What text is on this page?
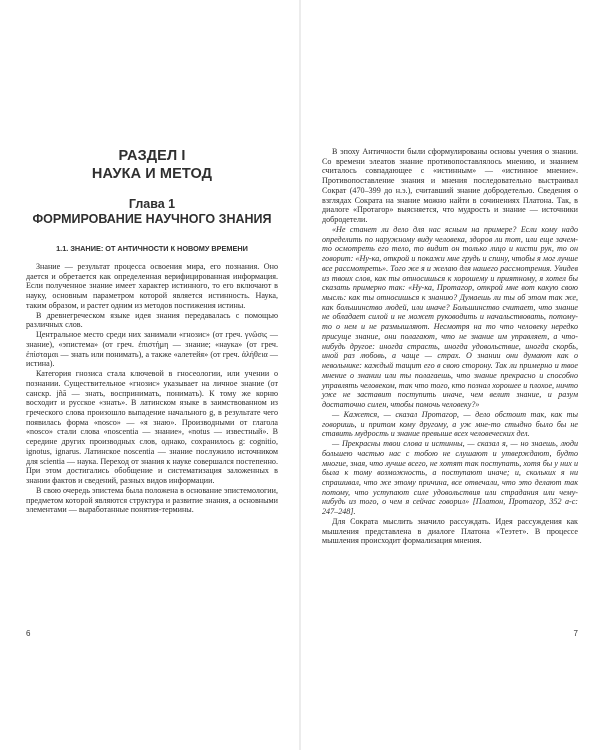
РАЗДЕЛ I
НАУКА И МЕТОД
Глава 1
ФОРМИРОВАНИЕ НАУЧНОГО ЗНАНИЯ
1.1. ЗНАНИЕ: ОТ АНТИЧНОСТИ К НОВОМУ ВРЕМЕНИ

Знание — результат процесса освоения мира, его познания. Оно дается и обретается как определенная верифицированная информация. Если полученное знание имеет характер истинного, то его включают в науку, основным параметром которой является истинность. Наука, таким образом, и растет одним из методов постижения истины.

В древнегреческом языке идея знания передавалась с помощью различных слов.

Центральное место среди них занимали «гнозис» (от греч. γνῶσις — знание), «эпистема» (от греч. ἐπιστήμη — знание; «наука» (от греч. ἐπίσταμαι — знать или понимать), а также «алетейя» (от греч. ἀλήθεια — истина).

Категория гнозиса стала ключевой в гносеологии, или учении о познании. Существительное «гнозис» указывает на личное знание (от санскр. jñā — знать, воспринимать, понимать). К тому же корню восходит и русское «знать». В латинском языке в заимствованном из греческого слова произошло выпадение начального g, в результате чего появилась форма «nosco» — «я знаю». Производными от глагола «nosco» стали слова «noscentia — знание», «notus — известный». В середине других производных слов, однако, сохранилось g: cognitio, ignotus, ignarus. Латинское noscentia — знание послужило источником для scientia — наука. Переход от знания к науке совершался постепенно. При этом достигались обобщение и систематизация заложенных в знании фактов и сведений, разных видов информации.

В свою очередь эпистема была положена в основание эпистемологии, предметом которой являются структура и развитие знания, а основными элементами — выработанные понятия-термины.

6

В эпоху Античности были сформулированы основы учения о знании. Со времени элеатов знание противопоставлялось мнению, и знанием считалось совпадающее с «истинным» — «истинное мнение». Противопоставление знания и мнения последовательно выстраивал Сократ (470–399 до н.э.), считавший знание добродетелью. Сведения о взглядах Сократа на знание можно найти в сочинениях Платона. Так, в диалоге «Протагор» выясняется, что мудрость и знание — источники добродетели.

«Не станет ли дело для нас ясным на примере? Если кому надо определить по наружному виду человека, здоров ли тот, или еще зачем-то осмотреть его тело, то видит он только лицо и кисти рук, то он говорит: «Ну-ка, открой и покажи мне грудь и спину, чтобы я мог лучше все рассмотреть». Того же я и желаю для нашего рассмотрения. Увидев из твоих слов, как ты относишься к хорошему и приятному, я хотел бы сказать примерно так: «Ну-ка, Протагор, открой мне вот какую свою мысль: как ты относишься к знанию? Думаешь ли ты об этом так же, как большинство людей, или иначе? Большинство считает, что знание не обладает силой и не может руководить и начальствовать, потому-то о нем и не размышляют. Несмотря на то что человеку нередко присуще знание, они полагают, что не знание им управляет, а что-нибудь другое: иногда страсть, иногда удовольствие, иногда скорбь, иной раз любовь, а чаще — страх. О знании они думают как о невольнике: каждый тащит его в свою сторону. Так ли примерно и твое мнение о знании или ты полагаешь, что знание прекрасно и способно управлять человеком, так что того, кто познал хорошее и плохое, ничто уже не заставит поступить иначе, чем велит знание, и разум достаточно силен, чтобы помочь человеку?»

— Кажется, — сказал Протагор, — дело обстоит так, как ты говоришь, и притом кому другому, а уж мне-то стыдно было бы не ставить мудрость и знание превыше всех человеческих дел.

— Прекрасны твои слова и истинны, — сказал я, — но знаешь, люди большею частью нас с тобою не слушают и утверждают, будто многие, зная, что лучше всего, не хотят так поступать, хотя бы у них и была к тому возможность, а поступают иначе; и, скольких я ни спрашивал, что же этому причина, все отвечали, что это делают так потому, что уступают силе удовольствия или страдания или чему-нибудь из того, о чем я сейчас говорил» [Платон, Протагор, 352 a-c: 247–248].

Для Сократа мыслить значило рассуждать. Идея рассуждения как мышления представлена в диалоге Платона «Теэтет». В процессе мышления происходит формализация мнения.

7
